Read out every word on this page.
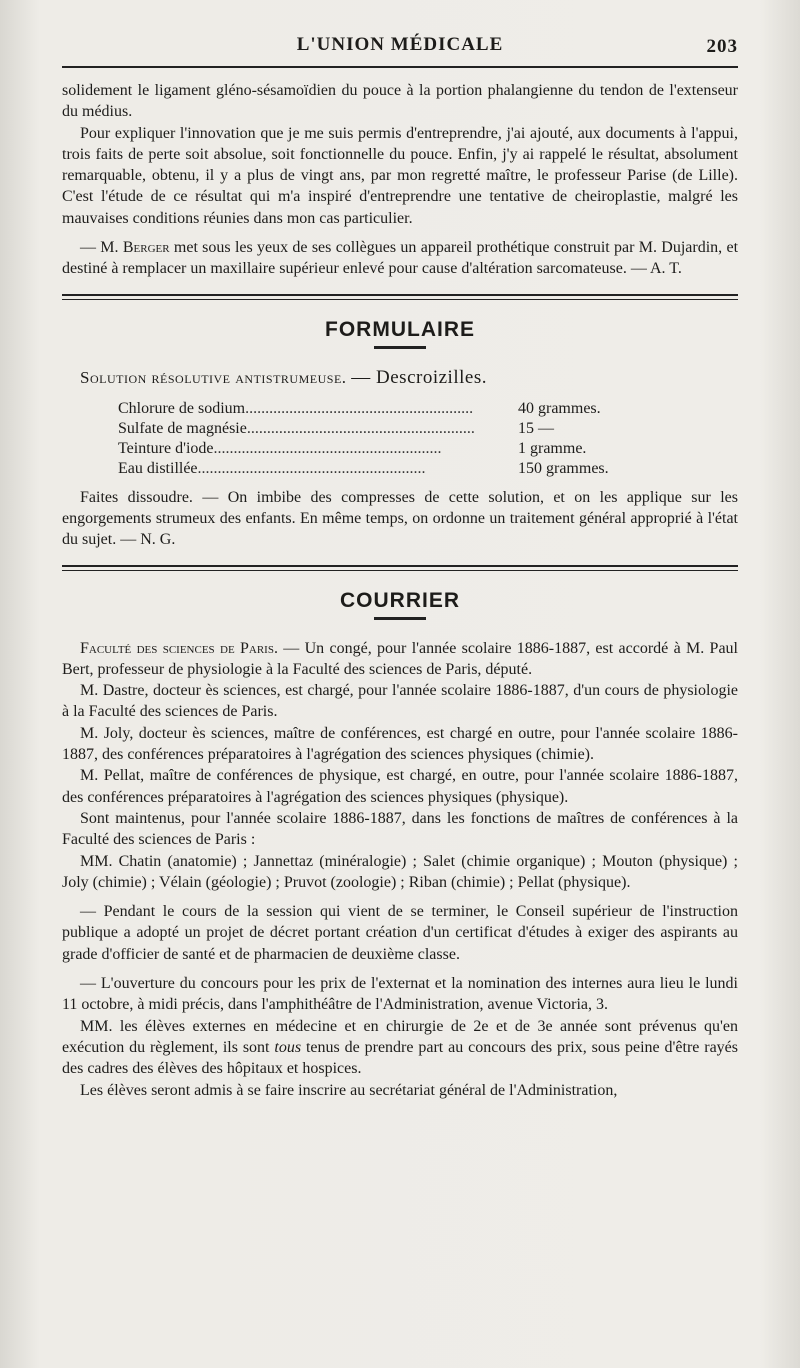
L'UNION MÉDICALE	203

solidement le ligament gléno-sésamoïdien du pouce à la portion phalangienne du tendon de l'extenseur du médius.

Pour expliquer l'innovation que je me suis permis d'entreprendre, j'ai ajouté, aux documents à l'appui, trois faits de perte soit absolue, soit fonctionnelle du pouce. Enfin, j'y ai rappelé le résultat, absolument remarquable, obtenu, il y a plus de vingt ans, par mon regretté maître, le professeur Parise (de Lille). C'est l'étude de ce résultat qui m'a inspiré d'entreprendre une tentative de cheiroplastie, malgré les mauvaises conditions réunies dans mon cas particulier.

— M. Berger met sous les yeux de ses collègues un appareil prothétique construit par M. Dujardin, et destiné à remplacer un maxillaire supérieur enlevé pour cause d'altération sarcomateuse. — A. T.

FORMULAIRE
Solution résolutive antistrumeuse. — Descroizilles.
Chlorure de sodium.........................................................	40 grammes.
Sulfate de magnésie.........................................................	15 —
Teinture d'iode.........................................................	1 gramme.
Eau distillée.........................................................	150 grammes.

Faites dissoudre. — On imbibe des compresses de cette solution, et on les applique sur les engorgements strumeux des enfants. En même temps, on ordonne un traitement général approprié à l'état du sujet. — N. G.

COURRIER

Faculté des sciences de Paris. — Un congé, pour l'année scolaire 1886-1887, est accordé à M. Paul Bert, professeur de physiologie à la Faculté des sciences de Paris, député.

M. Dastre, docteur ès sciences, est chargé, pour l'année scolaire 1886-1887, d'un cours de physiologie à la Faculté des sciences de Paris.

M. Joly, docteur ès sciences, maître de conférences, est chargé en outre, pour l'année scolaire 1886-1887, des conférences préparatoires à l'agrégation des sciences physiques (chimie).

M. Pellat, maître de conférences de physique, est chargé, en outre, pour l'année scolaire 1886-1887, des conférences préparatoires à l'agrégation des sciences physiques (physique).

Sont maintenus, pour l'année scolaire 1886-1887, dans les fonctions de maîtres de conférences à la Faculté des sciences de Paris :

MM. Chatin (anatomie) ; Jannettaz (minéralogie) ; Salet (chimie organique) ; Mouton (physique) ; Joly (chimie) ; Vélain (géologie) ; Pruvot (zoologie) ; Riban (chimie) ; Pellat (physique).

— Pendant le cours de la session qui vient de se terminer, le Conseil supérieur de l'instruction publique a adopté un projet de décret portant création d'un certificat d'études à exiger des aspirants au grade d'officier de santé et de pharmacien de deuxième classe.

— L'ouverture du concours pour les prix de l'externat et la nomination des internes aura lieu le lundi 11 octobre, à midi précis, dans l'amphithéâtre de l'Administration, avenue Victoria, 3.

MM. les élèves externes en médecine et en chirurgie de 2e et de 3e année sont prévenus qu'en exécution du règlement, ils sont tous tenus de prendre part au concours des prix, sous peine d'être rayés des cadres des élèves des hôpitaux et hospices.

Les élèves seront admis à se faire inscrire au secrétariat général de l'Administration,
